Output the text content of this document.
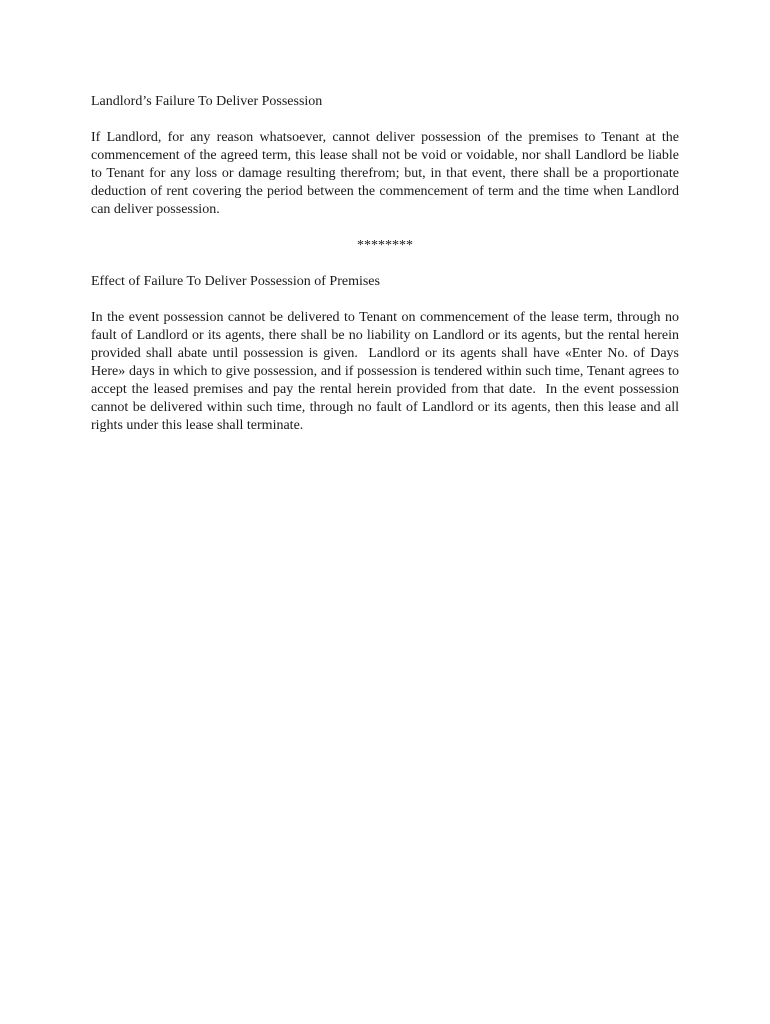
Landlord’s Failure To Deliver Possession

If Landlord, for any reason whatsoever, cannot deliver possession of the premises to Tenant at the commencement of the agreed term, this lease shall not be void or voidable, nor shall Landlord be liable to Tenant for any loss or damage resulting therefrom; but, in that event, there shall be a proportionate deduction of rent covering the period between the commencement of term and the time when Landlord can deliver possession.

********

Effect of Failure To Deliver Possession of Premises

In the event possession cannot be delivered to Tenant on commencement of the lease term, through no fault of Landlord or its agents, there shall be no liability on Landlord or its agents, but the rental herein provided shall abate until possession is given.  Landlord or its agents shall have «Enter No. of Days Here» days in which to give possession, and if possession is tendered within such time, Tenant agrees to accept the leased premises and pay the rental herein provided from that date.  In the event possession cannot be delivered within such time, through no fault of Landlord or its agents, then this lease and all rights under this lease shall terminate.
